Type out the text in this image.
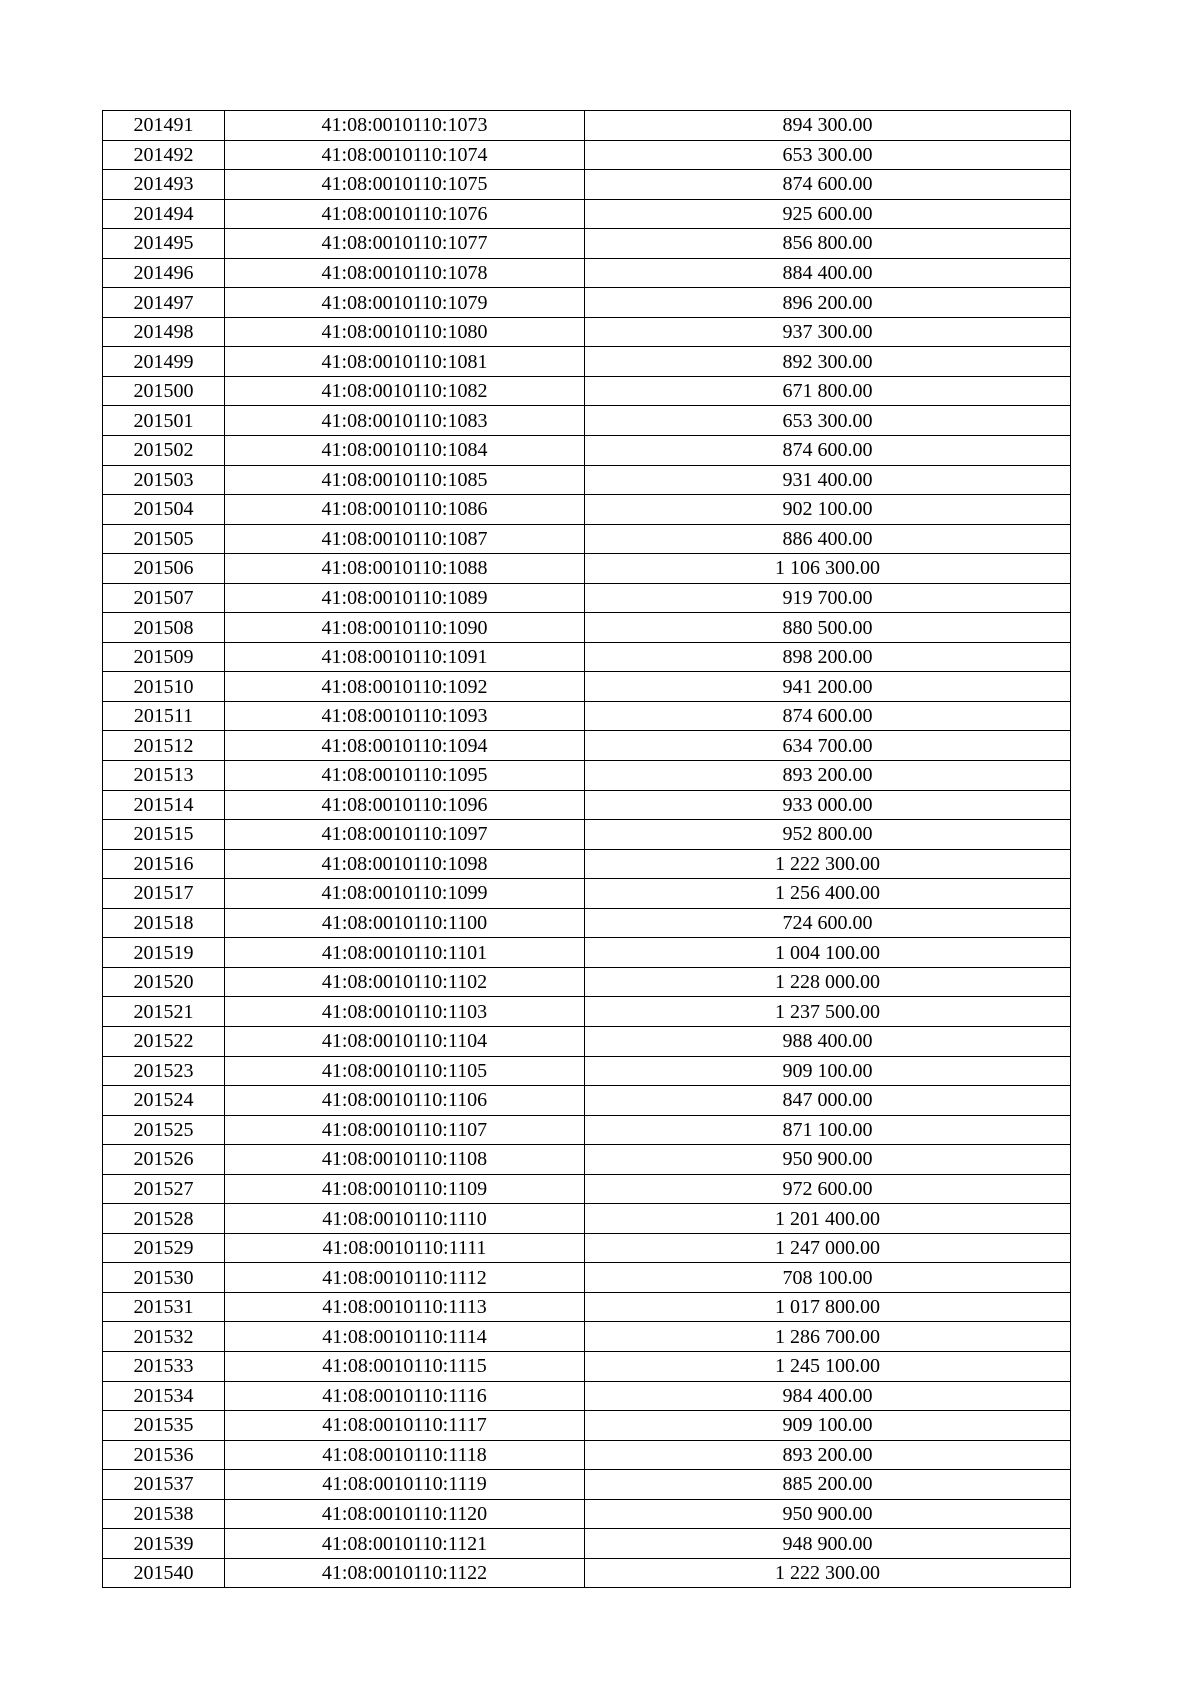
201491	41:08:0010110:1073	894 300.00
201492	41:08:0010110:1074	653 300.00
201493	41:08:0010110:1075	874 600.00
201494	41:08:0010110:1076	925 600.00
201495	41:08:0010110:1077	856 800.00
201496	41:08:0010110:1078	884 400.00
201497	41:08:0010110:1079	896 200.00
201498	41:08:0010110:1080	937 300.00
201499	41:08:0010110:1081	892 300.00
201500	41:08:0010110:1082	671 800.00
201501	41:08:0010110:1083	653 300.00
201502	41:08:0010110:1084	874 600.00
201503	41:08:0010110:1085	931 400.00
201504	41:08:0010110:1086	902 100.00
201505	41:08:0010110:1087	886 400.00
201506	41:08:0010110:1088	1 106 300.00
201507	41:08:0010110:1089	919 700.00
201508	41:08:0010110:1090	880 500.00
201509	41:08:0010110:1091	898 200.00
201510	41:08:0010110:1092	941 200.00
201511	41:08:0010110:1093	874 600.00
201512	41:08:0010110:1094	634 700.00
201513	41:08:0010110:1095	893 200.00
201514	41:08:0010110:1096	933 000.00
201515	41:08:0010110:1097	952 800.00
201516	41:08:0010110:1098	1 222 300.00
201517	41:08:0010110:1099	1 256 400.00
201518	41:08:0010110:1100	724 600.00
201519	41:08:0010110:1101	1 004 100.00
201520	41:08:0010110:1102	1 228 000.00
201521	41:08:0010110:1103	1 237 500.00
201522	41:08:0010110:1104	988 400.00
201523	41:08:0010110:1105	909 100.00
201524	41:08:0010110:1106	847 000.00
201525	41:08:0010110:1107	871 100.00
201526	41:08:0010110:1108	950 900.00
201527	41:08:0010110:1109	972 600.00
201528	41:08:0010110:1110	1 201 400.00
201529	41:08:0010110:1111	1 247 000.00
201530	41:08:0010110:1112	708 100.00
201531	41:08:0010110:1113	1 017 800.00
201532	41:08:0010110:1114	1 286 700.00
201533	41:08:0010110:1115	1 245 100.00
201534	41:08:0010110:1116	984 400.00
201535	41:08:0010110:1117	909 100.00
201536	41:08:0010110:1118	893 200.00
201537	41:08:0010110:1119	885 200.00
201538	41:08:0010110:1120	950 900.00
201539	41:08:0010110:1121	948 900.00
201540	41:08:0010110:1122	1 222 300.00
